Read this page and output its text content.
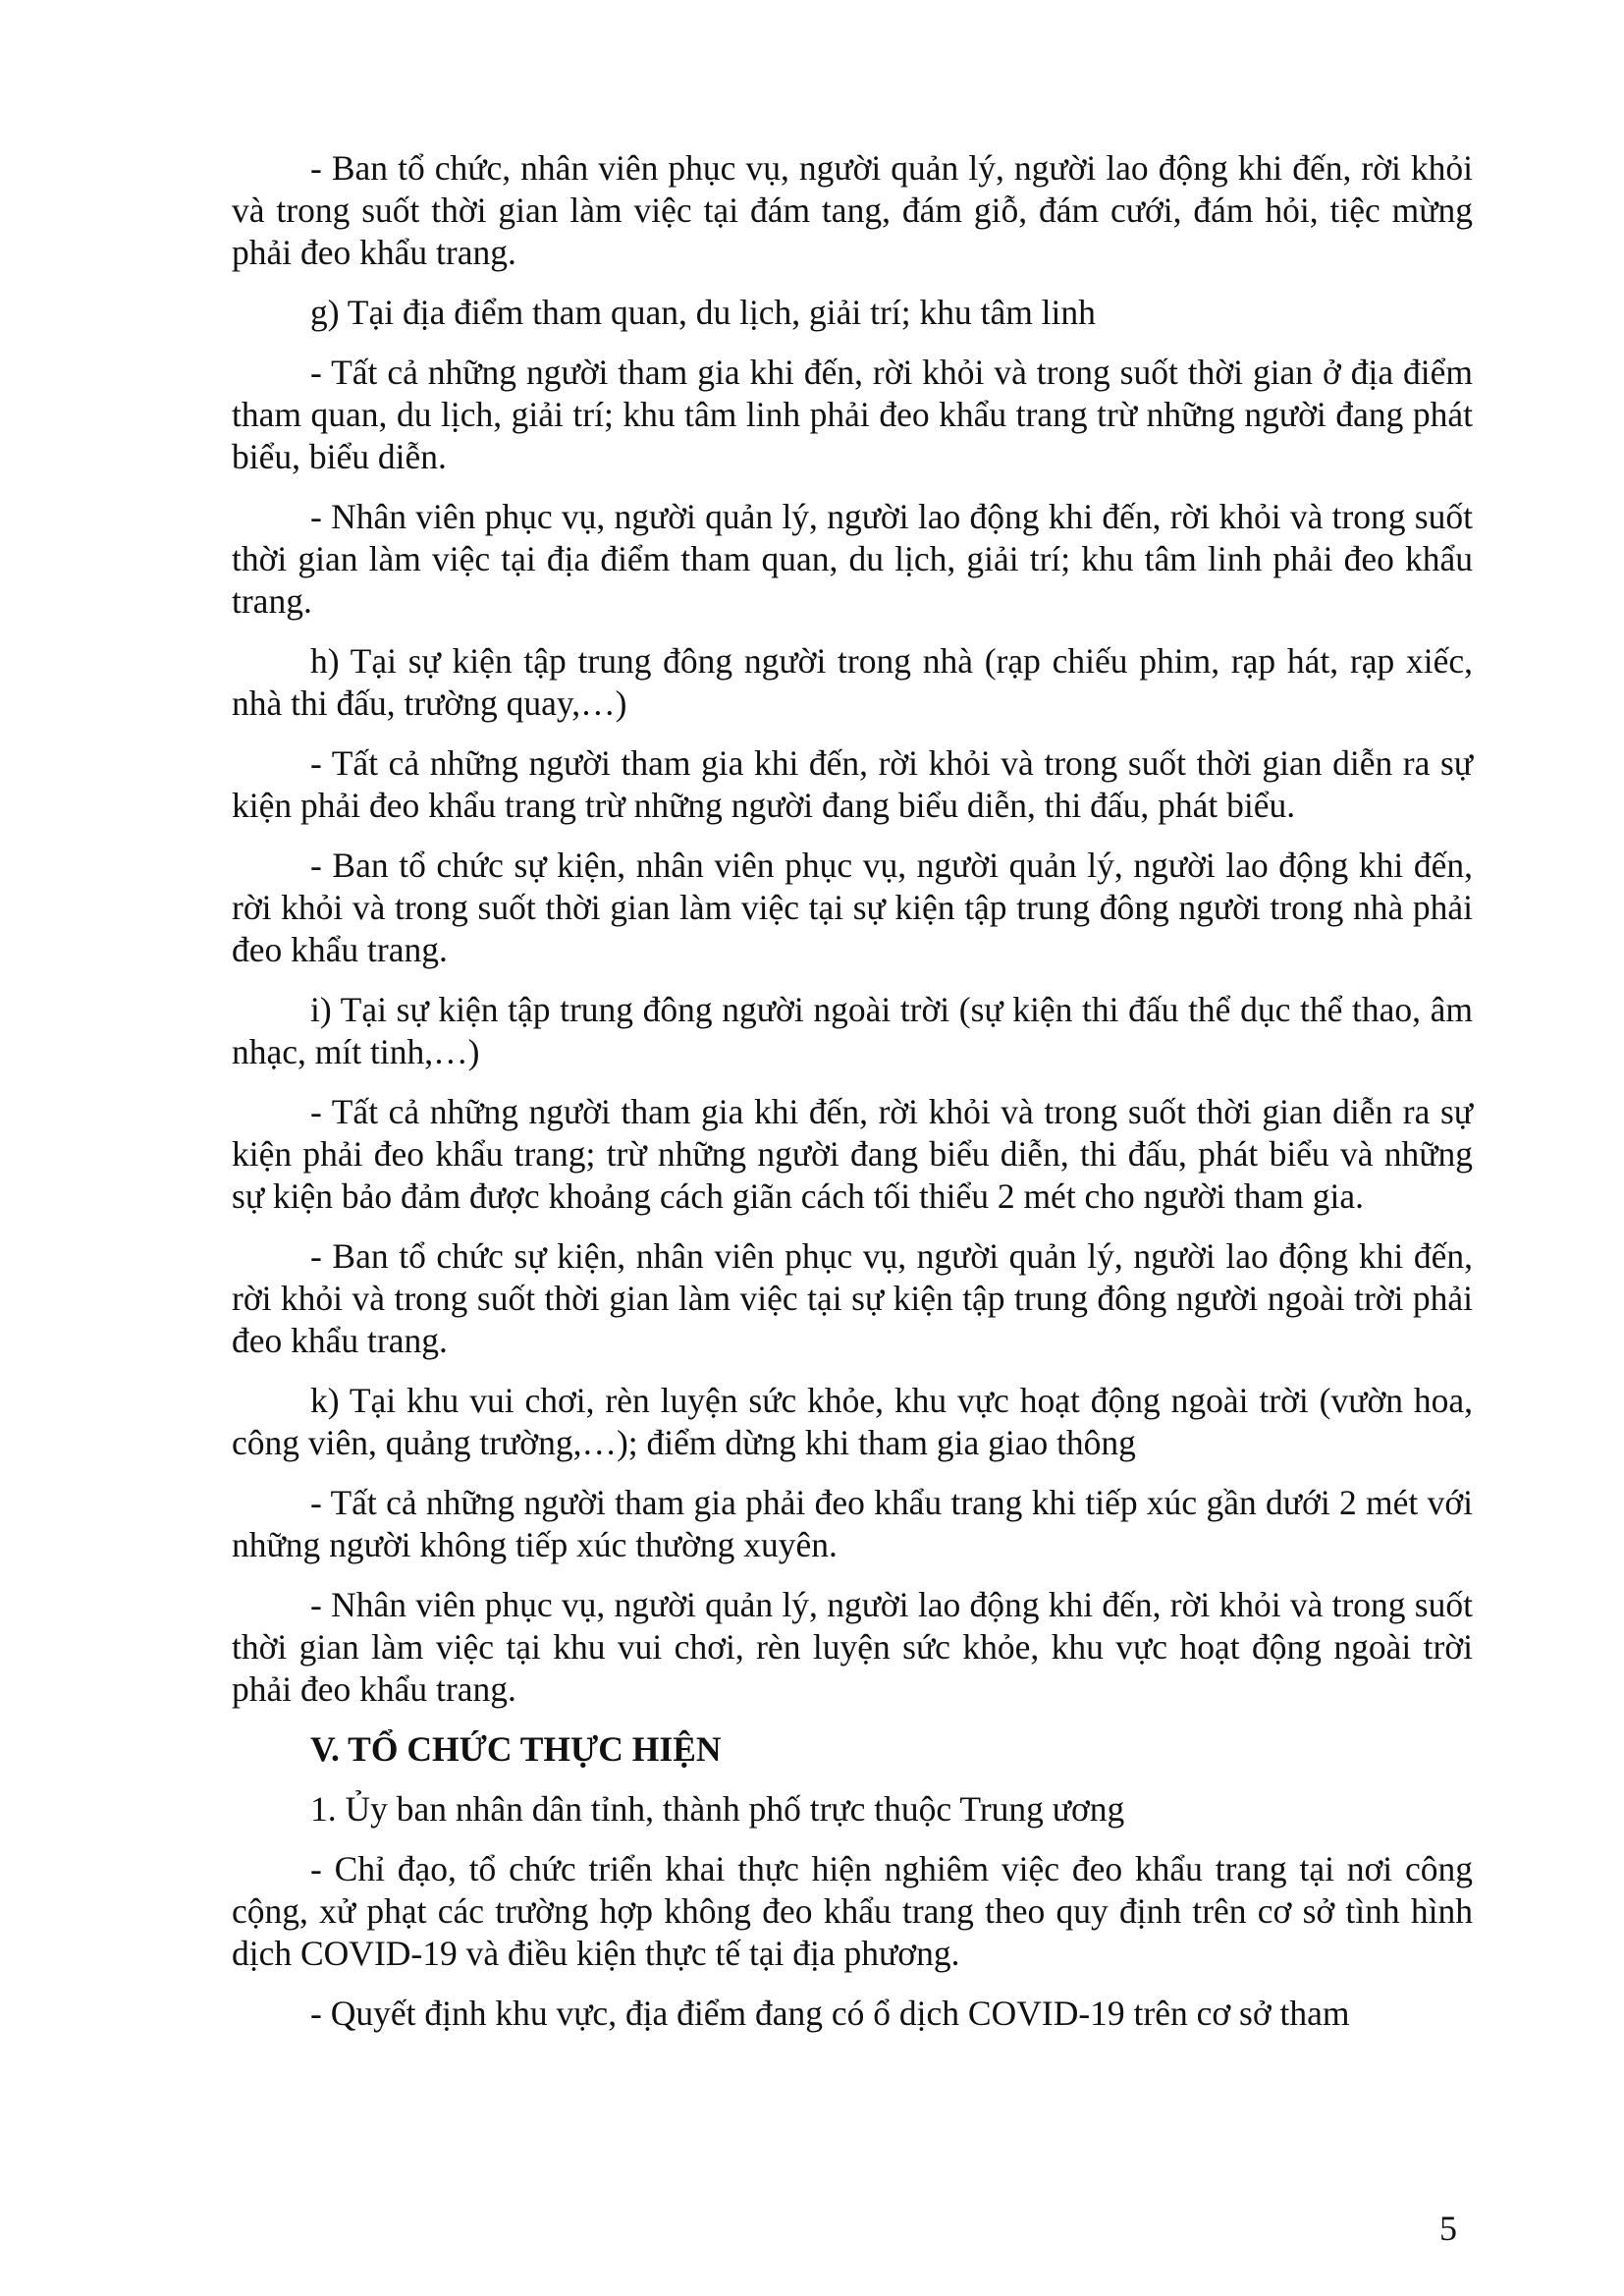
- Ban tổ chức, nhân viên phục vụ, người quản lý, người lao động khi đến, rời khỏi và trong suốt thời gian làm việc tại đám tang, đám giỗ, đám cưới, đám hỏi, tiệc mừng phải đeo khẩu trang.

g) Tại địa điểm tham quan, du lịch, giải trí; khu tâm linh

- Tất cả những người tham gia khi đến, rời khỏi và trong suốt thời gian ở địa điểm tham quan, du lịch, giải trí; khu tâm linh phải đeo khẩu trang trừ những người đang phát biểu, biểu diễn.

- Nhân viên phục vụ, người quản lý, người lao động khi đến, rời khỏi và trong suốt thời gian làm việc tại địa điểm tham quan, du lịch, giải trí; khu tâm linh phải đeo khẩu trang.

h) Tại sự kiện tập trung đông người trong nhà (rạp chiếu phim, rạp hát, rạp xiếc, nhà thi đấu, trường quay,…)

- Tất cả những người tham gia khi đến, rời khỏi và trong suốt thời gian diễn ra sự kiện phải đeo khẩu trang trừ những người đang biểu diễn, thi đấu, phát biểu.

- Ban tổ chức sự kiện, nhân viên phục vụ, người quản lý, người lao động khi đến, rời khỏi và trong suốt thời gian làm việc tại sự kiện tập trung đông người trong nhà phải đeo khẩu trang.

i) Tại sự kiện tập trung đông người ngoài trời (sự kiện thi đấu thể dục thể thao, âm nhạc, mít tinh,…)

- Tất cả những người tham gia khi đến, rời khỏi và trong suốt thời gian diễn ra sự kiện phải đeo khẩu trang; trừ những người đang biểu diễn, thi đấu, phát biểu và những sự kiện bảo đảm được khoảng cách giãn cách tối thiểu 2 mét cho người tham gia.

- Ban tổ chức sự kiện, nhân viên phục vụ, người quản lý, người lao động khi đến, rời khỏi và trong suốt thời gian làm việc tại sự kiện tập trung đông người ngoài trời phải đeo khẩu trang.

k) Tại khu vui chơi, rèn luyện sức khỏe, khu vực hoạt động ngoài trời (vườn hoa, công viên, quảng trường,…); điểm dừng khi tham gia giao thông

- Tất cả những người tham gia phải đeo khẩu trang khi tiếp xúc gần dưới 2 mét với những người không tiếp xúc thường xuyên.

- Nhân viên phục vụ, người quản lý, người lao động khi đến, rời khỏi và trong suốt thời gian làm việc tại khu vui chơi, rèn luyện sức khỏe, khu vực hoạt động ngoài trời phải đeo khẩu trang.

V. TỔ CHỨC THỰC HIỆN

1. Ủy ban nhân dân tỉnh, thành phố trực thuộc Trung ương

- Chỉ đạo, tổ chức triển khai thực hiện nghiêm việc đeo khẩu trang tại nơi công cộng, xử phạt các trường hợp không đeo khẩu trang theo quy định trên cơ sở tình hình dịch COVID-19 và điều kiện thực tế tại địa phương.

- Quyết định khu vực, địa điểm đang có ổ dịch COVID-19 trên cơ sở tham

5
